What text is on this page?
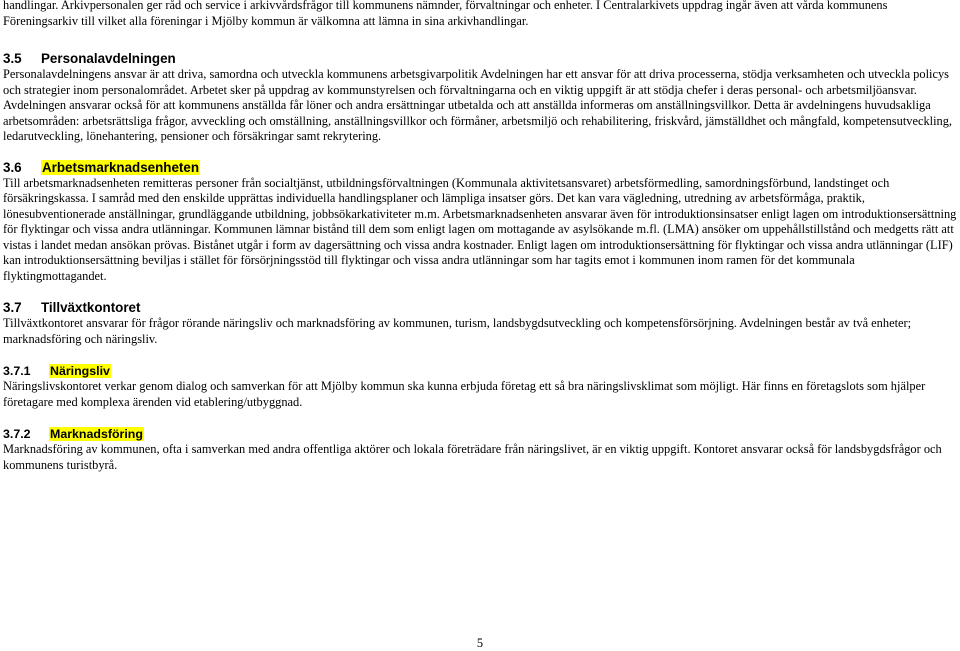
handlingar. Arkivpersonalen ger råd och service i arkivvårdsfrågor till kommunens nämnder, förvaltningar och enheter. I Centralarkivets uppdrag ingår även att vårda kommunens Föreningsarkiv till vilket alla föreningar i Mjölby kommun är välkomna att lämna in sina arkivhandlingar.

3.5 Personalavdelningen

Personalavdelningens ansvar är att driva, samordna och utveckla kommunens arbetsgivarpolitik Avdelningen har ett ansvar för att driva processerna, stödja verksamheten och utveckla policys och strategier inom personalområdet. Arbetet sker på uppdrag av kommunstyrelsen och förvaltningarna och en viktig uppgift är att stödja chefer i deras personal- och arbetsmiljöansvar. Avdelningen ansvarar också för att kommunens anställda får löner och andra ersättningar utbetalda och att anställda informeras om anställningsvillkor. Detta är avdelningens huvudsakliga arbetsområden: arbetsrättsliga frågor, avveckling och omställning, anställningsvillkor och förmåner, arbetsmiljö och rehabilitering, friskvård, jämställdhet och mångfald, kompetensutveckling, ledarutveckling, lönehantering, pensioner och försäkringar samt rekrytering.

3.6 Arbetsmarknadsenheten

Till arbetsmarknadsenheten remitteras personer från socialtjänst, utbildningsförvaltningen (Kommunala aktivitetsansvaret) arbetsförmedling, samordningsförbund, landstinget och försäkringskassa. I samråd med den enskilde upprättas individuella handlingsplaner och lämpliga insatser görs. Det kan vara vägledning, utredning av arbetsförmåga, praktik, lönesubventionerade anställningar, grundläggande utbildning, jobbsökarkativiteter m.m. Arbetsmarknadsenheten ansvarar även för introduktionsinsatser enligt lagen om introduktionsersättning för flyktingar och vissa andra utlänningar. Kommunen lämnar bistånd till dem som enligt lagen om mottagande av asylsökande m.fl. (LMA) ansöker om uppehållstillstånd och medgetts rätt att vistas i landet medan ansökan prövas. Bistånet utgår i form av dagersättning och vissa andra kostnader. Enligt lagen om introduktionsersättning för flyktingar och vissa andra utlänningar (LIF) kan introduktionsersättning beviljas i stället för försörjningsstöd till flyktingar och vissa andra utlänningar som har tagits emot i kommunen inom ramen för det kommunala flyktingmottagandet.

3.7 Tillväxtkontoret

Tillväxtkontoret ansvarar för frågor rörande näringsliv och marknadsföring av kommunen, turism, landsbygdsutveckling och kompetensförsörjning. Avdelningen består av två enheter; marknadsföring och näringsliv.

3.7.1 Näringsliv

Näringslivskontoret verkar genom dialog och samverkan för att Mjölby kommun ska kunna erbjuda företag ett så bra näringslivsklimat som möjligt. Här finns en företagslots som hjälper företagare med komplexa ärenden vid etablering/utbyggnad.

3.7.2 Marknadsföring

Marknadsföring av kommunen, ofta i samverkan med andra offentliga aktörer och lokala företrädare från näringslivet, är en viktig uppgift. Kontoret ansvarar också för landsbygdsfrågor och kommunens turistbyrå.

5
